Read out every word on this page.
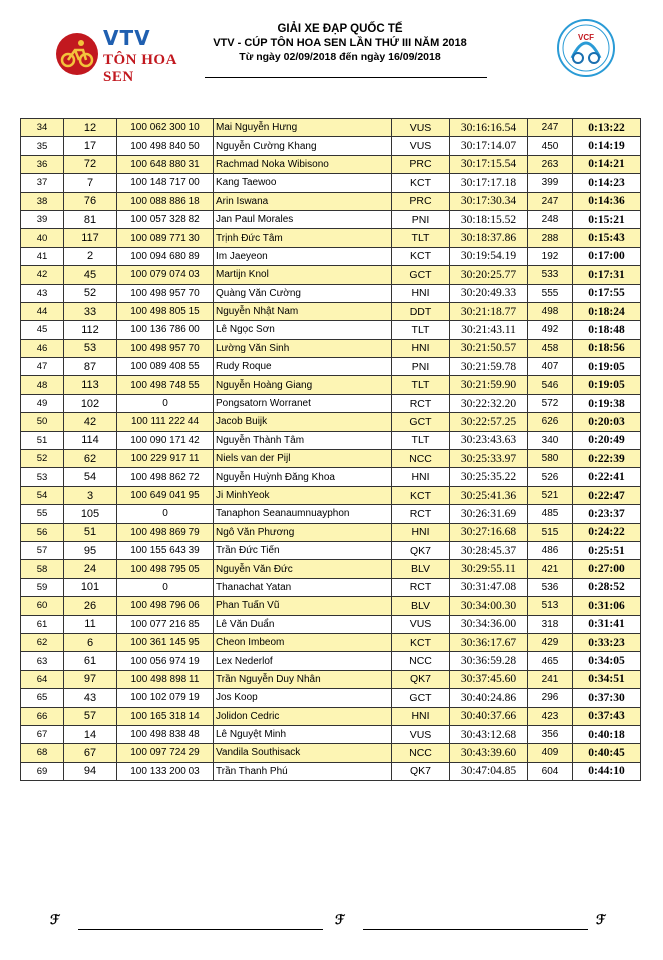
VTV
TÔN HOA SEN
GIẢI XE ĐẠP QUỐC TẾ
VTV - CÚP TÔN HOA SEN LẦN THỨ III NĂM 2018
Từ ngày 02/09/2018 đến ngày 16/09/2018
VCF
34	12	100 062 300 10	Mai Nguyễn Hưng	VUS	30:16:16.54	247	0:13:22
35	17	100 498 840 50	Nguyễn Cường Khang	VUS	30:17:14.07	450	0:14:19
36	72	100 648 880 31	Rachmad Noka Wibisono	PRC	30:17:15.54	263	0:14:21
37	7	100 148 717 00	Kang Taewoo	KCT	30:17:17.18	399	0:14:23
38	76	100 088 886 18	Arin Iswana	PRC	30:17:30.34	247	0:14:36
39	81	100 057 328 82	Jan Paul Morales	PNI	30:18:15.52	248	0:15:21
40	117	100 089 771 30	Trịnh Đức Tâm	TLT	30:18:37.86	288	0:15:43
41	2	100 094 680 89	Im Jaeyeon	KCT	30:19:54.19	192	0:17:00
42	45	100 079 074 03	Martijn Knol	GCT	30:20:25.77	533	0:17:31
43	52	100 498 957 70	Quàng Văn Cường	HNI	30:20:49.33	555	0:17:55
44	33	100 498 805 15	Nguyễn Nhật Nam	DDT	30:21:18.77	498	0:18:24
45	112	100 136 786 00	Lê Ngọc Sơn	TLT	30:21:43.11	492	0:18:48
46	53	100 498 957 70	Lường Văn Sinh	HNI	30:21:50.57	458	0:18:56
47	87	100 089 408 55	Rudy Roque	PNI	30:21:59.78	407	0:19:05
48	113	100 498 748 55	Nguyễn Hoàng Giang	TLT	30:21:59.90	546	0:19:05
49	102	0	Pongsatorn Worranet	RCT	30:22:32.20	572	0:19:38
50	42	100 111 222 44	Jacob Buijk	GCT	30:22:57.25	626	0:20:03
51	114	100 090 171 42	Nguyễn Thành Tâm	TLT	30:23:43.63	340	0:20:49
52	62	100 229 917 11	Niels van der Pijl	NCC	30:25:33.97	580	0:22:39
53	54	100 498 862 72	Nguyễn Huỳnh Đăng Khoa	HNI	30:25:35.22	526	0:22:41
54	3	100 649 041 95	Ji MinhYeok	KCT	30:25:41.36	521	0:22:47
55	105	0	Tanaphon Seanaumnuayphon	RCT	30:26:31.69	485	0:23:37
56	51	100 498 869 79	Ngô Văn Phương	HNI	30:27:16.68	515	0:24:22
57	95	100 155 643 39	Trần Đức Tiến	QK7	30:28:45.37	486	0:25:51
58	24	100 498 795 05	Nguyễn Văn Đức	BLV	30:29:55.11	421	0:27:00
59	101	0	Thanachat Yatan	RCT	30:31:47.08	536	0:28:52
60	26	100 498 796 06	Phan Tuấn Vũ	BLV	30:34:00.30	513	0:31:06
61	11	100 077 216 85	Lê Văn Duẩn	VUS	30:34:36.00	318	0:31:41
62	6	100 361 145 95	Cheon Imbeom	KCT	30:36:17.67	429	0:33:23
63	61	100 056 974 19	Lex Nederlof	NCC	30:36:59.28	465	0:34:05
64	97	100 498 898 11	Trần Nguyễn Duy Nhân	QK7	30:37:45.60	241	0:34:51
65	43	100 102 079 19	Jos Koop	GCT	30:40:24.86	296	0:37:30
66	57	100 165 318 14	Jolidon Cedric	HNI	30:40:37.66	423	0:37:43
67	14	100 498 838 48	Lê Nguyệt Minh	VUS	30:43:12.68	356	0:40:18
68	67	100 097 724 29	Vandila Southisack	NCC	30:43:39.60	409	0:40:45
69	94	100 133 200 03	Trần Thanh Phú	QK7	30:47:04.85	604	0:44:10
ℱ	ℱ	ℱ
